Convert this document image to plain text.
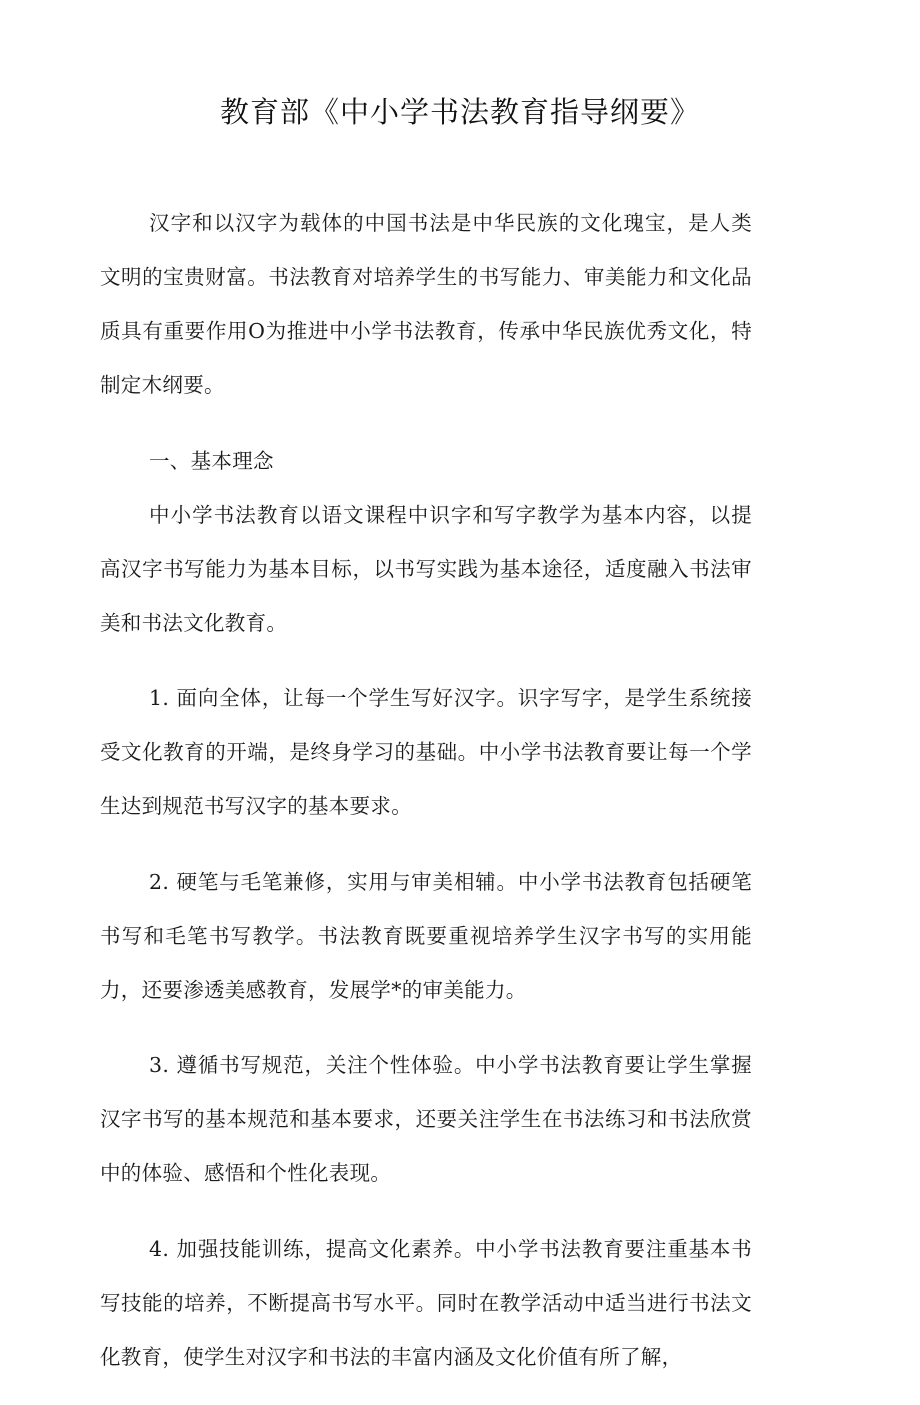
教育部《中小学书法教育指导纲要》

汉字和以汉字为载体的中国书法是中华民族的文化瑰宝，是人类文明的宝贵财富。书法教育对培养学生的书写能力、审美能力和文化品质具有重要作用O为推进中小学书法教育，传承中华民族优秀文化，特制定木纲要。

一、基本理念

中小学书法教育以语文课程中识字和写字教学为基本内容，以提高汉字书写能力为基本目标，以书写实践为基本途径，适度融入书法审美和书法文化教育。

1. 面向全体，让每一个学生写好汉字。识字写字，是学生系统接受文化教育的开端，是终身学习的基础。中小学书法教育要让每一个学生达到规范书写汉字的基本要求。

2. 硬笔与毛笔兼修，实用与审美相辅。中小学书法教育包括硬笔书写和毛笔书写教学。书法教育既要重视培养学生汉字书写的实用能力，还要渗透美感教育，发展学*的审美能力。

3. 遵循书写规范，关注个性体验。中小学书法教育要让学生掌握汉字书写的基本规范和基本要求，还要关注学生在书法练习和书法欣赏中的体验、感悟和个性化表现。

4. 加强技能训练，提高文化素养。中小学书法教育要注重基本书写技能的培养，不断提高书写水平。同时在教学活动中适当进行书法文化教育，使学生对汉字和书法的丰富内涵及文化价值有所了解，
